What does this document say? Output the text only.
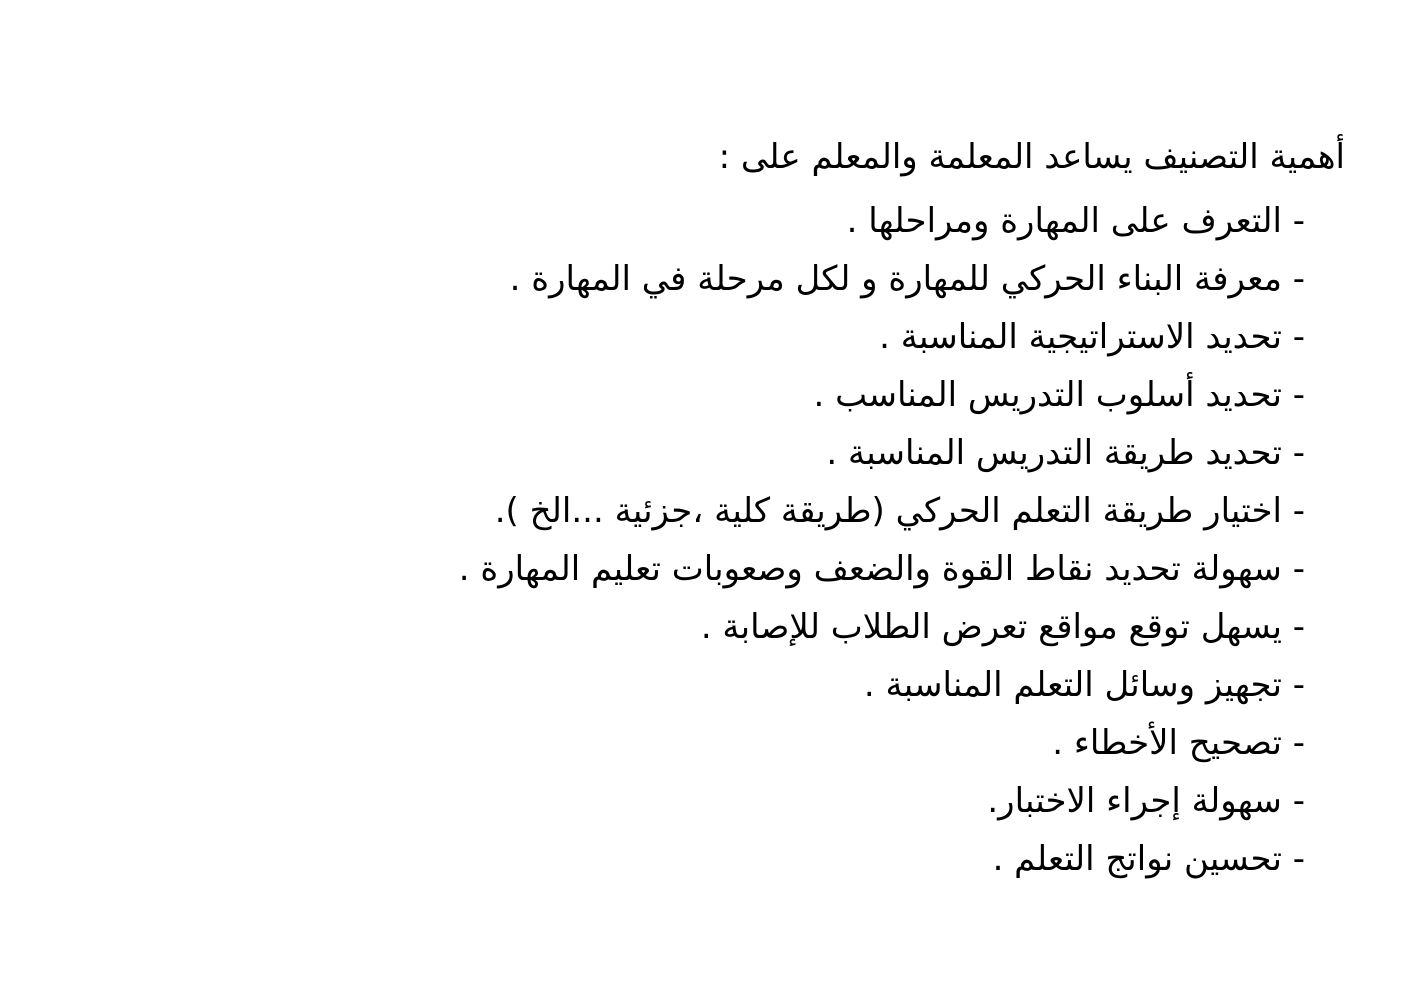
أهمية التصنيف يساعد المعلمة والمعلم على :

- التعرف على المهارة ومراحلها .
- معرفة البناء الحركي للمهارة و لكل مرحلة في المهارة .
- تحديد الاستراتيجية المناسبة .
- تحديد أسلوب التدريس المناسب .
- تحديد طريقة التدريس المناسبة .
- اختيار طريقة التعلم الحركي (طريقة كلية ،جزئية ...الخ ).
- سهولة تحديد نقاط القوة والضعف وصعوبات تعليم المهارة .
- يسهل توقع مواقع تعرض الطلاب للإصابة .
- تجهيز وسائل التعلم المناسبة .
- تصحيح الأخطاء .
- سهولة إجراء الاختبار.
- تحسين نواتج التعلم .
